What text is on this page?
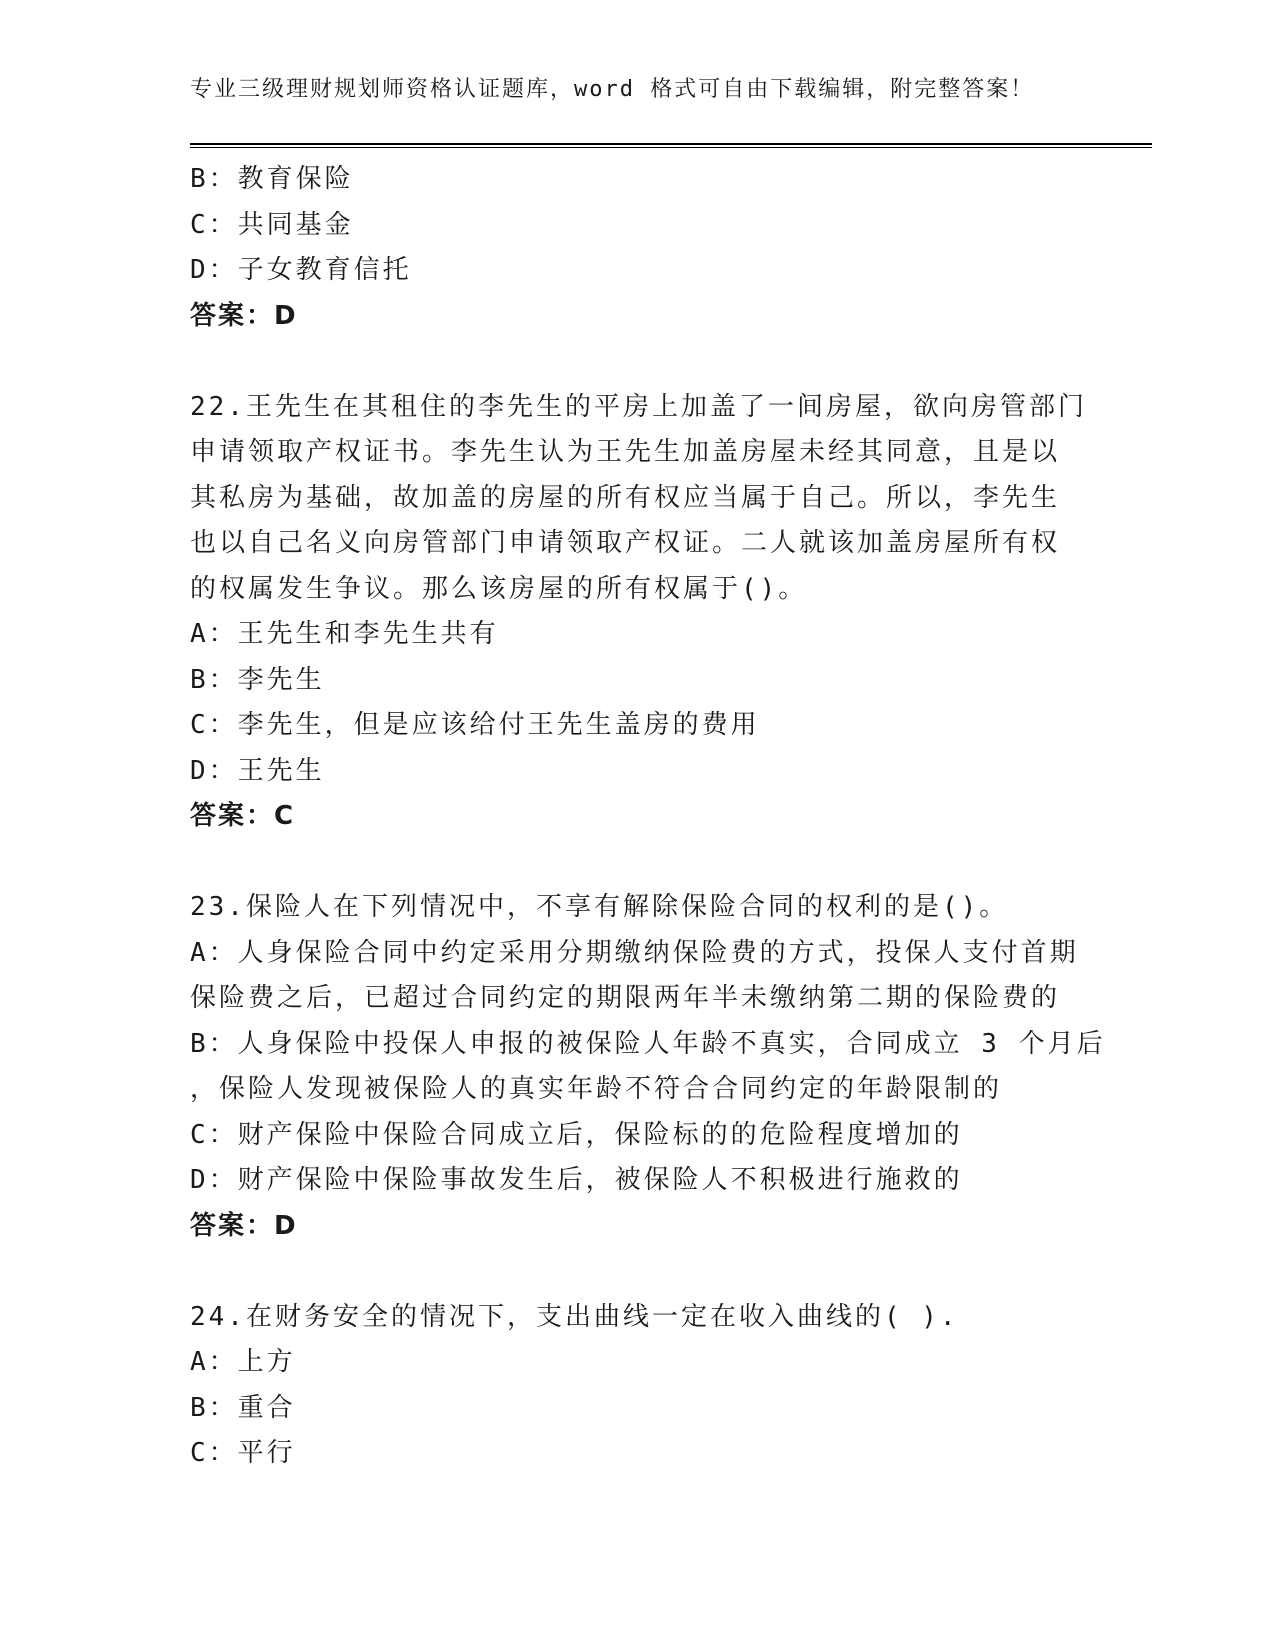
专业三级理财规划师资格认证题库，word 格式可自由下载编辑，附完整答案！
B：教育保险
C：共同基金
D：子女教育信托
答案：D
22.王先生在其租住的李先生的平房上加盖了一间房屋，欲向房管部门
申请领取产权证书。李先生认为王先生加盖房屋未经其同意，且是以
其私房为基础，故加盖的房屋的所有权应当属于自己。所以，李先生
也以自己名义向房管部门申请领取产权证。二人就该加盖房屋所有权
的权属发生争议。那么该房屋的所有权属于()。
A：王先生和李先生共有
B：李先生
C：李先生，但是应该给付王先生盖房的费用
D：王先生
答案：C
23.保险人在下列情况中，不享有解除保险合同的权利的是()。
A：人身保险合同中约定采用分期缴纳保险费的方式，投保人支付首期
保险费之后，已超过合同约定的期限两年半未缴纳第二期的保险费的
B：人身保险中投保人申报的被保险人年龄不真实，合同成立 3 个月后
，保险人发现被保险人的真实年龄不符合合同约定的年龄限制的
C：财产保险中保险合同成立后，保险标的的危险程度增加的
D：财产保险中保险事故发生后，被保险人不积极进行施救的
答案：D
24.在财务安全的情况下，支出曲线一定在收入曲线的( ).
A：上方
B：重合
C：平行
